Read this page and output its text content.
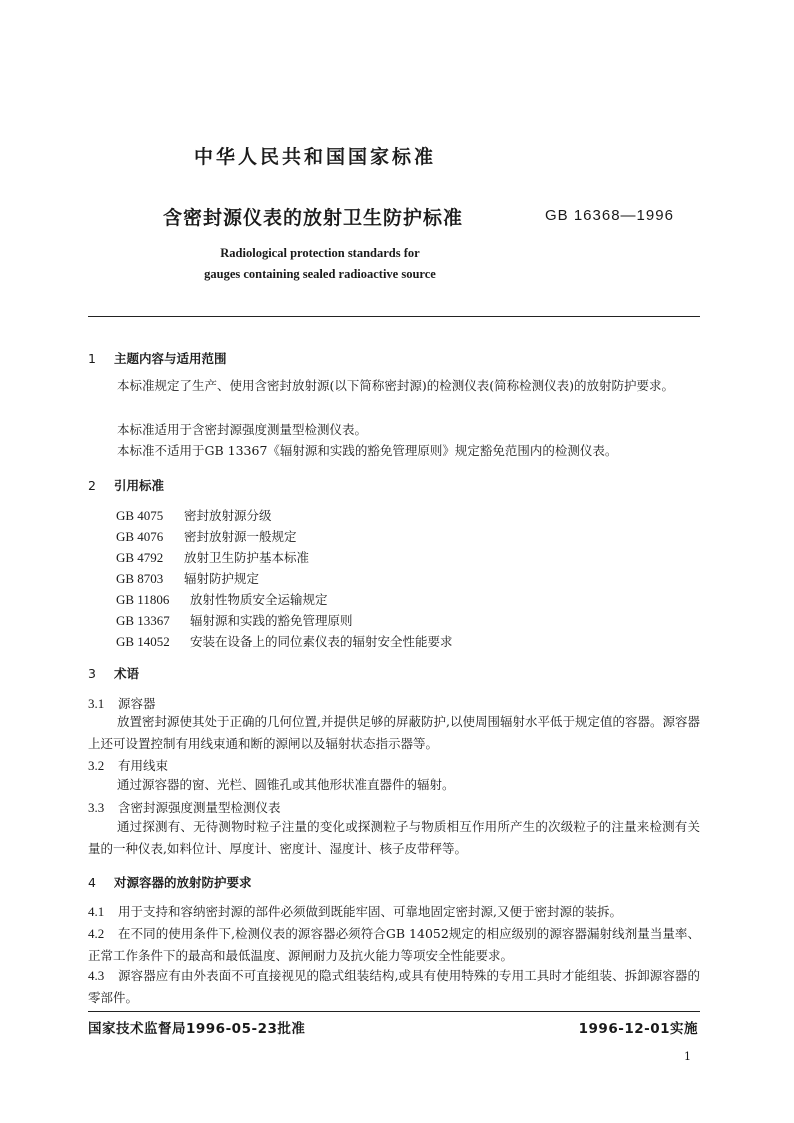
中华人民共和国国家标准
含密封源仪表的放射卫生防护标准	GB 16368—1996
Radiological protection standards for
gauges containing sealed radioactive source
1 主题内容与适用范围
本标准规定了生产、使用含密封放射源(以下简称密封源)的检测仪表(简称检测仪表)的放射防护要求。
本标准适用于含密封源强度测量型检测仪表。
本标准不适用于GB 13367《辐射源和实践的豁免管理原则》规定豁免范围内的检测仪表。
2 引用标准
GB 4075 密封放射源分级
GB 4076 密封放射源一般规定
GB 4792 放射卫生防护基本标准
GB 8703 辐射防护规定
GB 11806 放射性物质安全运输规定
GB 13367 辐射源和实践的豁免管理原则
GB 14052 安装在设备上的同位素仪表的辐射安全性能要求
3 术语
3.1 源容器
放置密封源使其处于正确的几何位置,并提供足够的屏蔽防护,以使周围辐射水平低于规定值的容器。源容器上还可设置控制有用线束通和断的源闸以及辐射状态指示器等。
3.2 有用线束
通过源容器的窗、光栏、圆锥孔或其他形状准直器件的辐射。
3.3 含密封源强度测量型检测仪表
通过探测有、无待测物时粒子注量的变化或探测粒子与物质相互作用所产生的次级粒子的注量来检测有关量的一种仪表,如料位计、厚度计、密度计、湿度计、核子皮带秤等。
4 对源容器的放射防护要求
4.1 用于支持和容纳密封源的部件必须做到既能牢固、可靠地固定密封源,又便于密封源的装拆。
4.2 在不同的使用条件下,检测仪表的源容器必须符合GB 14052规定的相应级别的源容器漏射线剂量当量率、正常工作条件下的最高和最低温度、源闸耐力及抗火能力等项安全性能要求。
4.3 源容器应有由外表面不可直接视见的隐式组装结构,或具有使用特殊的专用工具时才能组装、拆卸源容器的零部件。
国家技术监督局1996-05-23批准	1996-12-01实施
1
